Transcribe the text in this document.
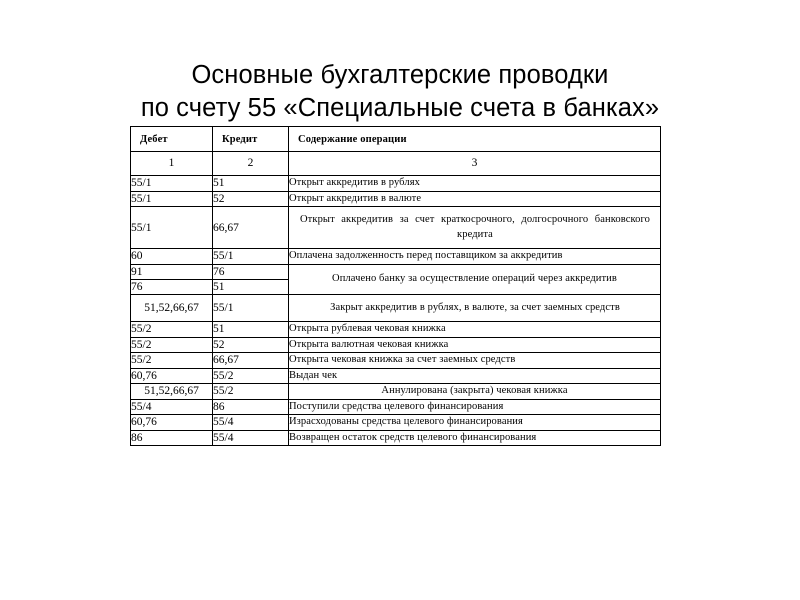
Основные бухгалтерские проводки
по счету 55 «Специальные счета в банках»
Дебет	Кредит	Содержание операции
1	2	3
55/1	51	Открыт аккредитив в рублях
55/1	52	Открыт аккредитив в валюте
55/1	66,67	Открыт аккредитив за счет краткосрочного, долгосрочного банковского кредита
60	55/1	Оплачена задолженность перед поставщиком за аккредитив
91	76	Оплачено банку за осуществление операций через аккредитив
76	51	
51,52,66,67	55/1	Закрыт аккредитив в рублях, в валюте, за счет заемных средств
55/2	51	Открыта рублевая чековая книжка
55/2	52	Открыта валютная чековая книжка
55/2	66,67	Открыта чековая книжка за счет заемных средств
60,76	55/2	Выдан чек
51,52,66,67	55/2	Аннулирована (закрыта) чековая книжка
55/4	86	Поступили средства целевого финансирования
60,76	55/4	Израсходованы средства целевого финансирования
86	55/4	Возвращен остаток средств целевого финансирования
